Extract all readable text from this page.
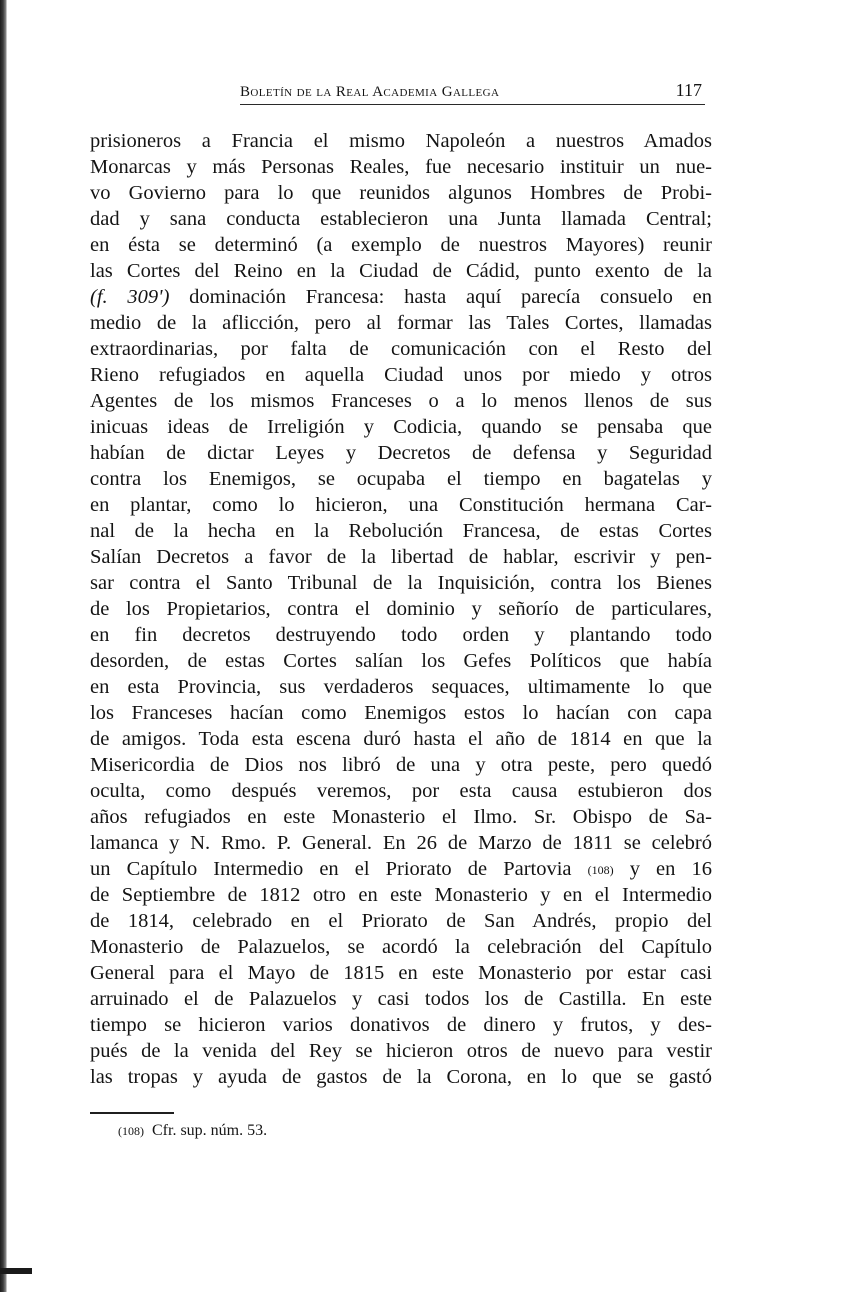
Boletín de la Real Academia Gallega	117
prisioneros a Francia el mismo Napoleón a nuestros Amados
Monarcas y más Personas Reales, fue necesario instituir un nue-
vo Govierno para lo que reunidos algunos Hombres de Probi-
dad y sana conducta establecieron una Junta llamada Central;
en ésta se determinó (a exemplo de nuestros Mayores) reunir
las Cortes del Reino en la Ciudad de Cádid, punto exento de la
(f. 309') dominación Francesa: hasta aquí parecía consuelo en
medio de la aflicción, pero al formar las Tales Cortes, llamadas
extraordinarias, por falta de comunicación con el Resto del
Rieno refugiados en aquella Ciudad unos por miedo y otros
Agentes de los mismos Franceses o a lo menos llenos de sus
inicuas ideas de Irreligión y Codicia, quando se pensaba que
habían de dictar Leyes y Decretos de defensa y Seguridad
contra los Enemigos, se ocupaba el tiempo en bagatelas y
en plantar, como lo hicieron, una Constitución hermana Car-
nal de la hecha en la Rebolución Francesa, de estas Cortes
Salían Decretos a favor de la libertad de hablar, escrivir y pen-
sar contra el Santo Tribunal de la Inquisición, contra los Bienes
de los Propietarios, contra el dominio y señorío de particulares,
en fin decretos destruyendo todo orden y plantando todo
desorden, de estas Cortes salían los Gefes Políticos que había
en esta Provincia, sus verdaderos sequaces, ultimamente lo que
los Franceses hacían como Enemigos estos lo hacían con capa
de amigos. Toda esta escena duró hasta el año de 1814 en que la
Misericordia de Dios nos libró de una y otra peste, pero quedó
oculta, como después veremos, por esta causa estubieron dos
años refugiados en este Monasterio el Ilmo. Sr. Obispo de Sa-
lamanca y N. Rmo. P. General. En 26 de Marzo de 1811 se celebró
un Capítulo Intermedio en el Priorato de Partovia (108) y en 16
de Septiembre de 1812 otro en este Monasterio y en el Intermedio
de 1814, celebrado en el Priorato de San Andrés, propio del
Monasterio de Palazuelos, se acordó la celebración del Capítulo
General para el Mayo de 1815 en este Monasterio por estar casi
arruinado el de Palazuelos y casi todos los de Castilla. En este
tiempo se hicieron varios donativos de dinero y frutos, y des-
pués de la venida del Rey se hicieron otros de nuevo para vestir
las tropas y ayuda de gastos de la Corona, en lo que se gastó
(108) Cfr. sup. núm. 53.
